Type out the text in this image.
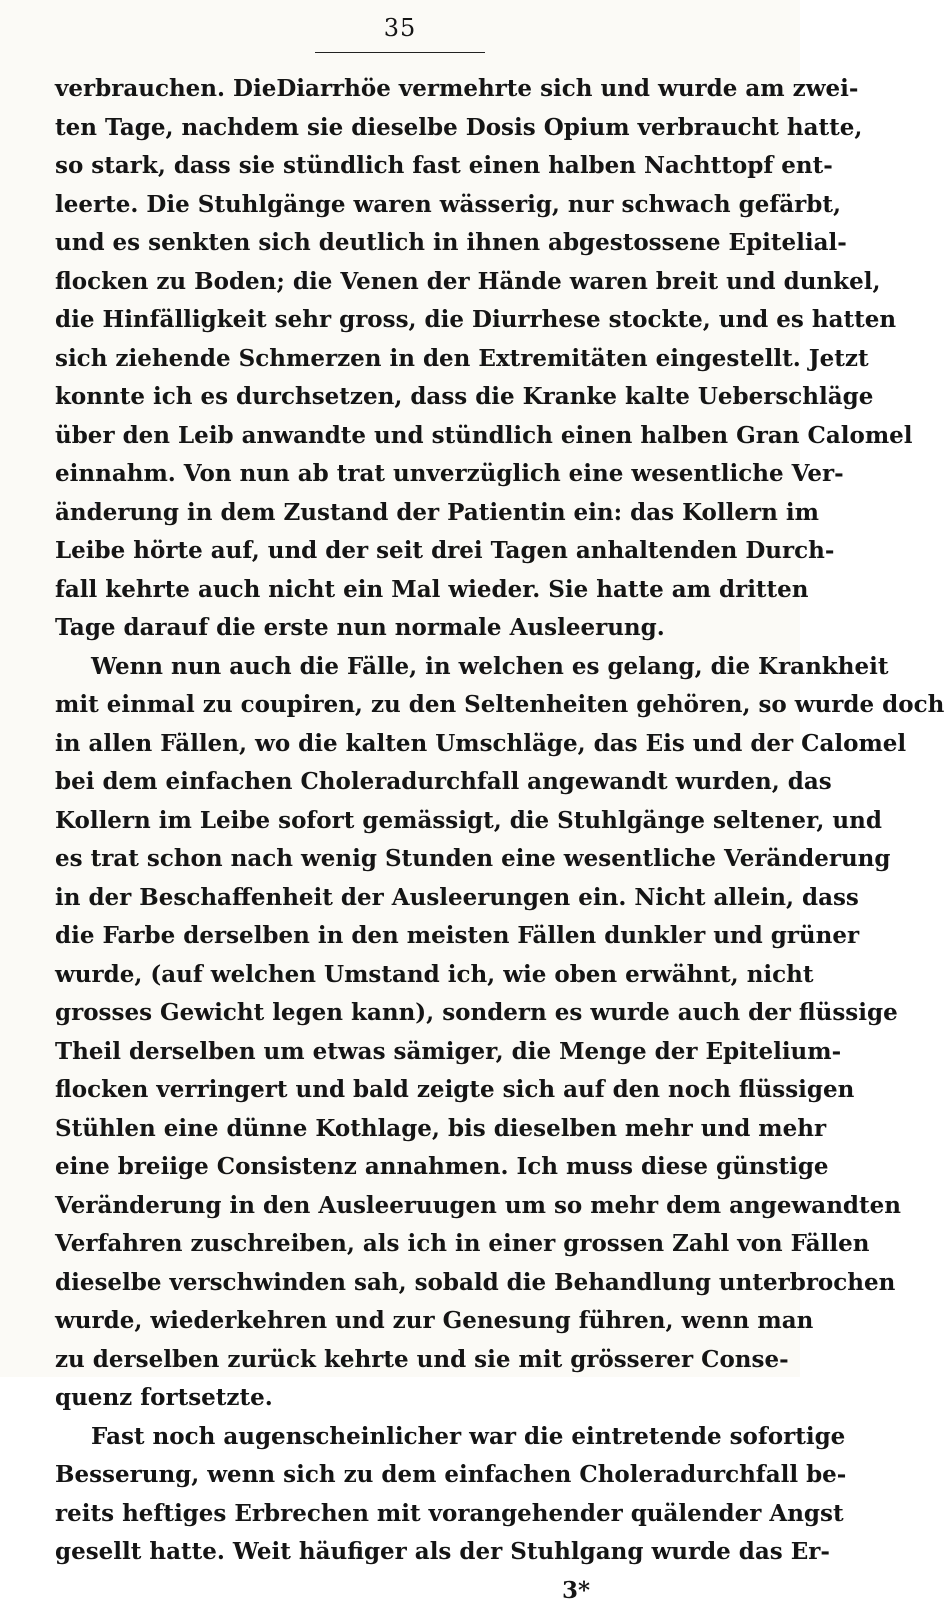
35
verbrauchen. DieDiarrhöe vermehrte sich und wurde am zwei-
ten Tage, nachdem sie dieselbe Dosis Opium verbraucht hatte,
so stark, dass sie stündlich fast einen halben Nachttopf ent-
leerte. Die Stuhlgänge waren wässerig, nur schwach gefärbt,
und es senkten sich deutlich in ihnen abgestossene Epitelial-
flocken zu Boden; die Venen der Hände waren breit und dunkel,
die Hinfälligkeit sehr gross, die Diurrhese stockte, und es hatten
sich ziehende Schmerzen in den Extremitäten eingestellt. Jetzt
konnte ich es durchsetzen, dass die Kranke kalte Ueberschläge
über den Leib anwandte und stündlich einen halben Gran Calomel
einnahm. Von nun ab trat unverzüglich eine wesentliche Ver-
änderung in dem Zustand der Patientin ein: das Kollern im
Leibe hörte auf, und der seit drei Tagen anhaltenden Durch-
fall kehrte auch nicht ein Mal wieder. Sie hatte am dritten
Tage darauf die erste nun normale Ausleerung.
Wenn nun auch die Fälle, in welchen es gelang, die Krankheit
mit einmal zu coupiren, zu den Seltenheiten gehören, so wurde doch
in allen Fällen, wo die kalten Umschläge, das Eis und der Calomel
bei dem einfachen Choleradurchfall angewandt wurden, das
Kollern im Leibe sofort gemässigt, die Stuhlgänge seltener, und
es trat schon nach wenig Stunden eine wesentliche Veränderung
in der Beschaffenheit der Ausleerungen ein. Nicht allein, dass
die Farbe derselben in den meisten Fällen dunkler und grüner
wurde, (auf welchen Umstand ich, wie oben erwähnt, nicht
grosses Gewicht legen kann), sondern es wurde auch der flüssige
Theil derselben um etwas sämiger, die Menge der Epitelium-
flocken verringert und bald zeigte sich auf den noch flüssigen
Stühlen eine dünne Kothlage, bis dieselben mehr und mehr
eine breiige Consistenz annahmen. Ich muss diese günstige
Veränderung in den Ausleeruugen um so mehr dem angewandten
Verfahren zuschreiben, als ich in einer grossen Zahl von Fällen
dieselbe verschwinden sah, sobald die Behandlung unterbrochen
wurde, wiederkehren und zur Genesung führen, wenn man
zu derselben zurück kehrte und sie mit grösserer Conse-
quenz fortsetzte.
Fast noch augenscheinlicher war die eintretende sofortige
Besserung, wenn sich zu dem einfachen Choleradurchfall be-
reits heftiges Erbrechen mit vorangehender quälender Angst
gesellt hatte. Weit häufiger als der Stuhlgang wurde das Er-
3*
